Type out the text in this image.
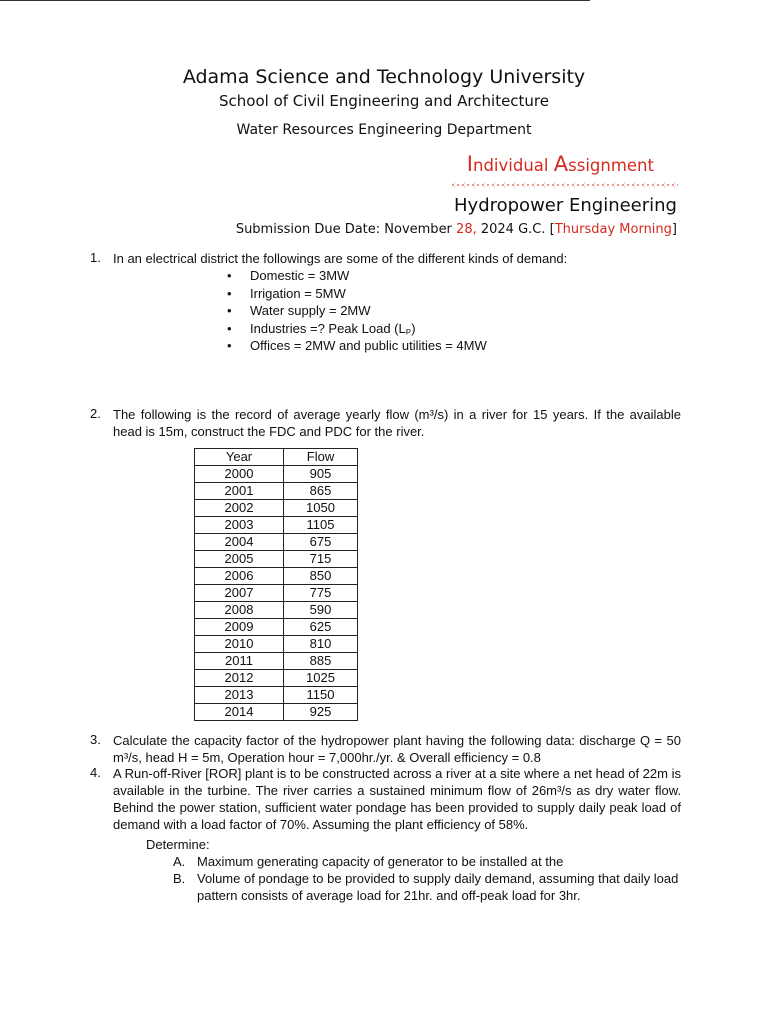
Adama Science and Technology University
School of Civil Engineering and Architecture
Water Resources Engineering Department
Individual Assignment
Hydropower Engineering
Submission Due Date: November 28, 2024 G.C. [Thursday Morning]
1. In an electrical district the followings are some of the different kinds of demand:
• Domestic = 3MW
• Irrigation = 5MW
• Water supply = 2MW
• Industries =? Peak Load (Lₚ)
• Offices = 2MW and public utilities = 4MW
2. The following is the record of average yearly flow (m³/s) in a river for 15 years. If the available head is 15m, construct the FDC and PDC for the river.
Year	Flow
2000	905
2001	865
2002	1050
2003	1105
2004	675
2005	715
2006	850
2007	775
2008	590
2009	625
2010	810
2011	885
2012	1025
2013	1150
2014	925
3. Calculate the capacity factor of the hydropower plant having the following data: discharge Q = 50 m³/s, head H = 5m, Operation hour = 7,000hr./yr. & Overall efficiency = 0.8
4. A Run-off-River [ROR] plant is to be constructed across a river at a site where a net head of 22m is available in the turbine. The river carries a sustained minimum flow of 26m³/s as dry water flow. Behind the power station, sufficient water pondage has been provided to supply daily peak load of demand with a load factor of 70%. Assuming the plant efficiency of 58%.
Determine:
A. Maximum generating capacity of generator to be installed at the
B. Volume of pondage to be provided to supply daily demand, assuming that daily load pattern consists of average load for 21hr. and off-peak load for 3hr.
